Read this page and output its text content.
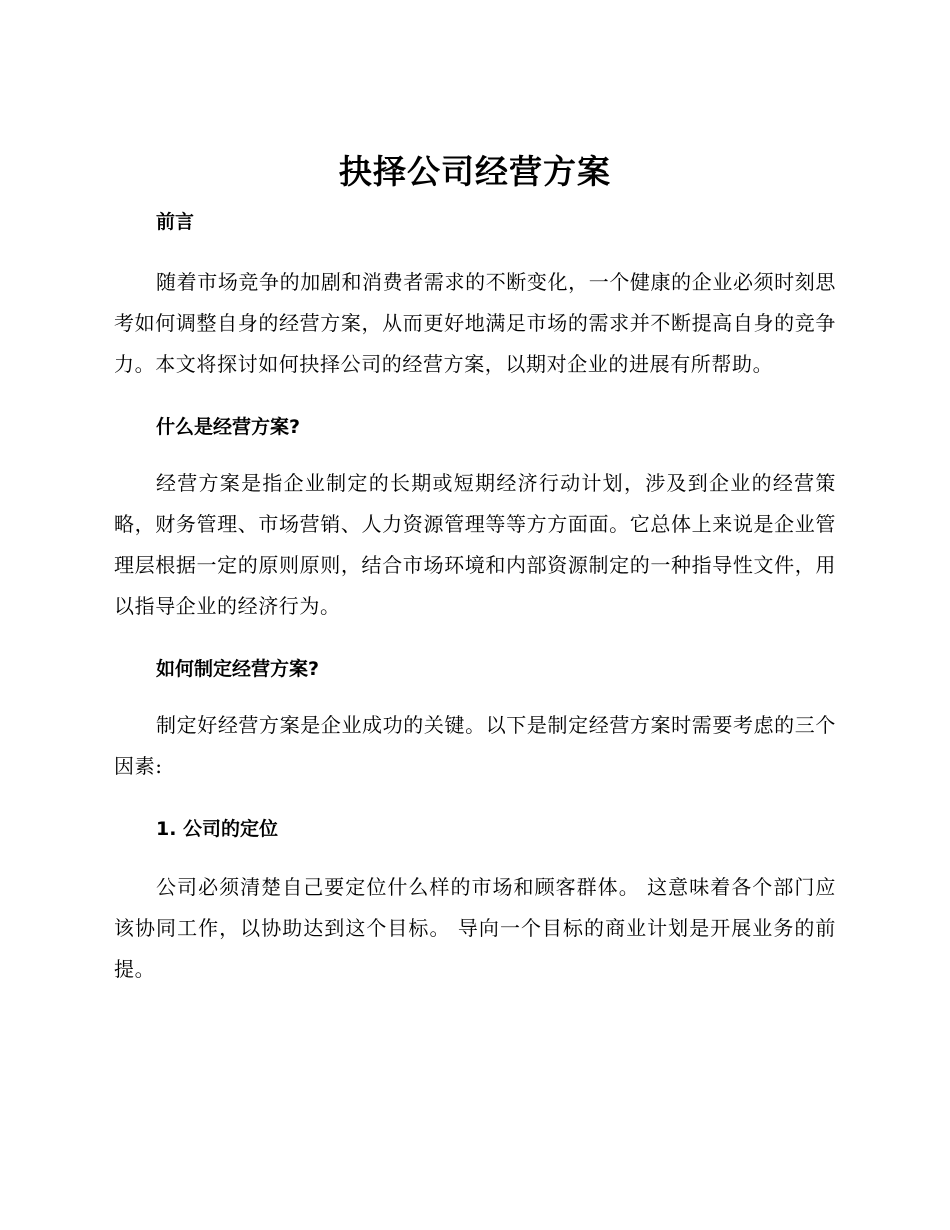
抉择公司经营方案
前言

随着市场竞争的加剧和消费者需求的不断变化，一个健康的企业必须时刻思考如何调整自身的经营方案，从而更好地满足市场的需求并不断提高自身的竞争力。本文将探讨如何抉择公司的经营方案，以期对企业的进展有所帮助。

什么是经营方案?

经营方案是指企业制定的长期或短期经济行动计划，涉及到企业的经营策略，财务管理、市场营销、人力资源管理等等方方面面。它总体上来说是企业管理层根据一定的原则原则，结合市场环境和内部资源制定的一种指导性文件，用以指导企业的经济行为。

如何制定经营方案?

制定好经营方案是企业成功的关键。以下是制定经营方案时需要考虑的三个因素:

1. 公司的定位

公司必须清楚自己要定位什么样的市场和顾客群体。 这意味着各个部门应该协同工作，以协助达到这个目标。 导向一个目标的商业计划是开展业务的前提。
